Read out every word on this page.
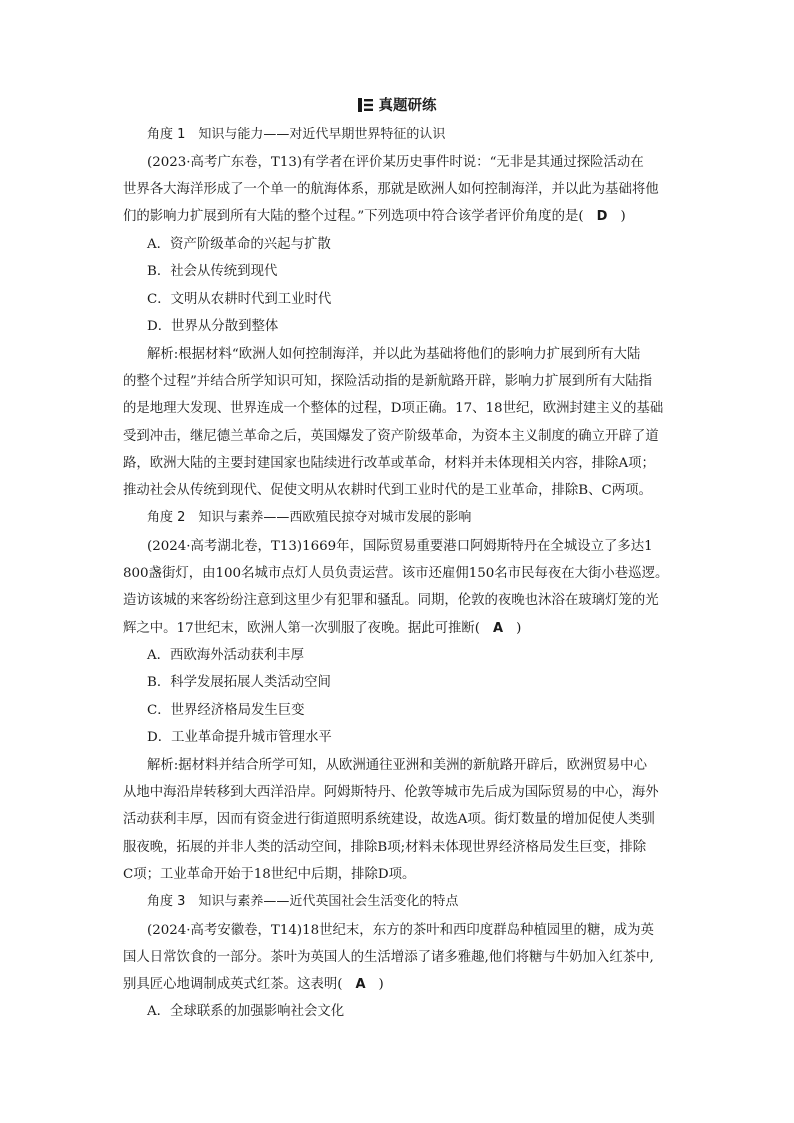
真题研练
角度 1　知识与能力——对近代早期世界特征的认识
(2023·高考广东卷，T13)有学者在评价某历史事件时说：“无非是其通过探险活动在
世界各大海洋形成了一个单一的航海体系，那就是欧洲人如何控制海洋，并以此为基础将他
们的影响力扩展到所有大陆的整个过程。”下列选项中符合该学者评价角度的是( D )
A．资产阶级革命的兴起与扩散
B．社会从传统到现代
C．文明从农耕时代到工业时代
D．世界从分散到整体
解析:根据材料“欧洲人如何控制海洋，并以此为基础将他们的影响力扩展到所有大陆
的整个过程”并结合所学知识可知，探险活动指的是新航路开辟，影响力扩展到所有大陆指
的是地理大发现、世界连成一个整体的过程，D项正确。17、18世纪，欧洲封建主义的基础
受到冲击，继尼德兰革命之后，英国爆发了资产阶级革命，为资本主义制度的确立开辟了道
路，欧洲大陆的主要封建国家也陆续进行改革或革命，材料并未体现相关内容，排除A项；
推动社会从传统到现代、促使文明从农耕时代到工业时代的是工业革命，排除B、C两项。
角度 2　知识与素养——西欧殖民掠夺对城市发展的影响
(2024·高考湖北卷，T13)1669年，国际贸易重要港口阿姆斯特丹在全城设立了多达1
800盏街灯，由100名城市点灯人员负责运营。该市还雇佣150名市民每夜在大街小巷巡逻。
造访该城的来客纷纷注意到这里少有犯罪和骚乱。同期，伦敦的夜晚也沐浴在玻璃灯笼的光
辉之中。17世纪末，欧洲人第一次驯服了夜晚。据此可推断( A )
A．西欧海外活动获利丰厚
B．科学发展拓展人类活动空间
C．世界经济格局发生巨变
D．工业革命提升城市管理水平
解析:据材料并结合所学可知，从欧洲通往亚洲和美洲的新航路开辟后，欧洲贸易中心
从地中海沿岸转移到大西洋沿岸。阿姆斯特丹、伦敦等城市先后成为国际贸易的中心，海外
活动获利丰厚，因而有资金进行街道照明系统建设，故选A项。街灯数量的增加促使人类驯
服夜晚，拓展的并非人类的活动空间，排除B项;材料未体现世界经济格局发生巨变，排除
C项；工业革命开始于18世纪中后期，排除D项。
角度 3　知识与素养——近代英国社会生活变化的特点
(2024·高考安徽卷，T14)18世纪末，东方的茶叶和西印度群岛种植园里的糖，成为英
国人日常饮食的一部分。茶叶为英国人的生活增添了诸多雅趣,他们将糖与牛奶加入红茶中,
别具匠心地调制成英式红茶。这表明( A )
A．全球联系的加强影响社会文化
